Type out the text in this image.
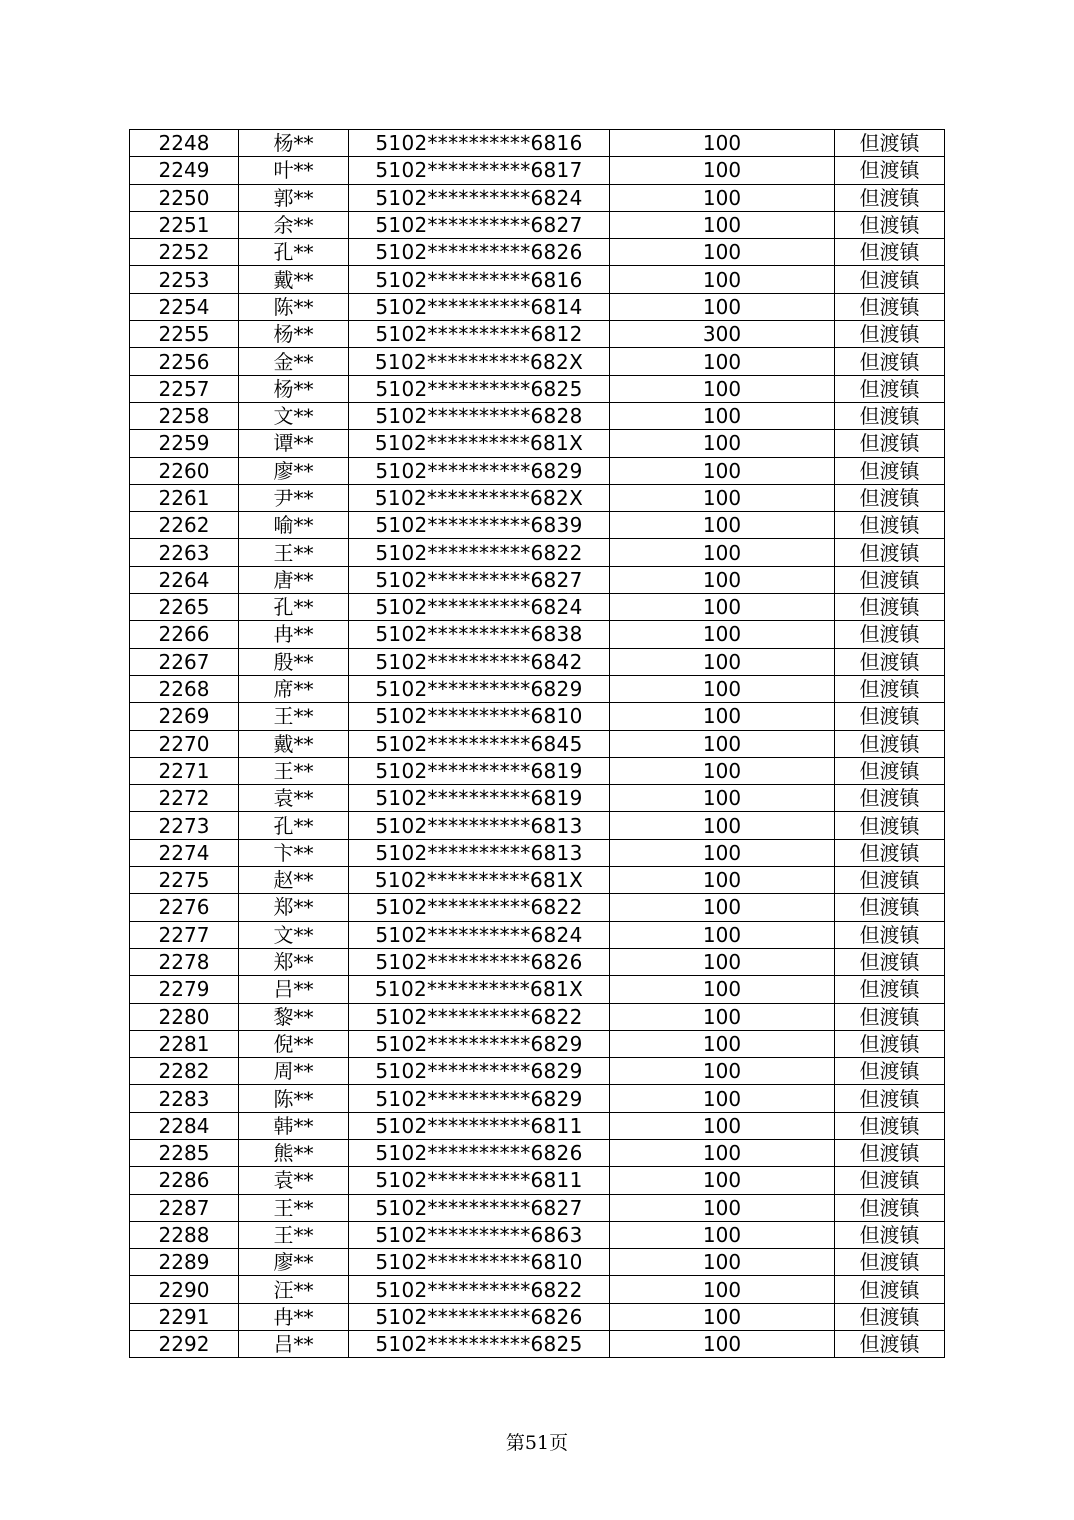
2248	杨**	5102**********6816	100	但渡镇
2249	叶**	5102**********6817	100	但渡镇
2250	郭**	5102**********6824	100	但渡镇
2251	余**	5102**********6827	100	但渡镇
2252	孔**	5102**********6826	100	但渡镇
2253	戴**	5102**********6816	100	但渡镇
2254	陈**	5102**********6814	100	但渡镇
2255	杨**	5102**********6812	300	但渡镇
2256	金**	5102**********682X	100	但渡镇
2257	杨**	5102**********6825	100	但渡镇
2258	文**	5102**********6828	100	但渡镇
2259	谭**	5102**********681X	100	但渡镇
2260	廖**	5102**********6829	100	但渡镇
2261	尹**	5102**********682X	100	但渡镇
2262	喻**	5102**********6839	100	但渡镇
2263	王**	5102**********6822	100	但渡镇
2264	唐**	5102**********6827	100	但渡镇
2265	孔**	5102**********6824	100	但渡镇
2266	冉**	5102**********6838	100	但渡镇
2267	殷**	5102**********6842	100	但渡镇
2268	席**	5102**********6829	100	但渡镇
2269	王**	5102**********6810	100	但渡镇
2270	戴**	5102**********6845	100	但渡镇
2271	王**	5102**********6819	100	但渡镇
2272	袁**	5102**********6819	100	但渡镇
2273	孔**	5102**********6813	100	但渡镇
2274	卞**	5102**********6813	100	但渡镇
2275	赵**	5102**********681X	100	但渡镇
2276	郑**	5102**********6822	100	但渡镇
2277	文**	5102**********6824	100	但渡镇
2278	郑**	5102**********6826	100	但渡镇
2279	吕**	5102**********681X	100	但渡镇
2280	黎**	5102**********6822	100	但渡镇
2281	倪**	5102**********6829	100	但渡镇
2282	周**	5102**********6829	100	但渡镇
2283	陈**	5102**********6829	100	但渡镇
2284	韩**	5102**********6811	100	但渡镇
2285	熊**	5102**********6826	100	但渡镇
2286	袁**	5102**********6811	100	但渡镇
2287	王**	5102**********6827	100	但渡镇
2288	王**	5102**********6863	100	但渡镇
2289	廖**	5102**********6810	100	但渡镇
2290	汪**	5102**********6822	100	但渡镇
2291	冉**	5102**********6826	100	但渡镇
2292	吕**	5102**********6825	100	但渡镇
第51页
